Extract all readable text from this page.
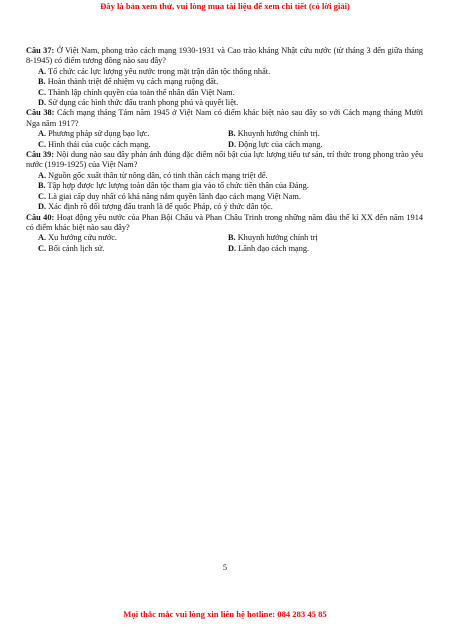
Đây là bản xem thử, vui lòng mua tài liệu để xem chi tiết (có lời giải)

Câu 37: Ở Việt Nam, phong trào cách mạng 1930-1931 và Cao trào kháng Nhật cứu nước (từ tháng 3 đến giữa tháng 8-1945) có điểm tương đồng nào sau đây?

A. Tổ chức các lực lượng yêu nước trong mặt trận dân tộc thống nhất.

B. Hoàn thành triệt để nhiệm vụ cách mạng ruộng đất.

C. Thành lập chính quyền của toàn thể nhân dân Việt Nam.

D. Sử dụng các hình thức đấu tranh phong phú và quyết liệt.

Câu 38: Cách mạng tháng Tám năm 1945 ở Việt Nam có điểm khác biệt nào sau đây so với Cách mạng tháng Mười Nga năm 1917?

A. Phương pháp sử dụng bạo lực.	B. Khuynh hướng chính trị.
C. Hình thái của cuộc cách mạng.	D. Động lực của cách mạng.

Câu 39: Nội dung nào sau đây phản ánh đúng đặc điểm nổi bật của lực lượng tiểu tư sản, trí thức trong phong trào yêu nước (1919-1925) của Việt Nam?

A. Nguồn gốc xuất thân từ nông dân, có tinh thần cách mạng triệt để.

B. Tập hợp được lực lượng toàn dân tộc tham gia vào tổ chức tiền thân của Đảng.

C. Là giai cấp duy nhất có khả năng nắm quyền lãnh đạo cách mạng Việt Nam.

D. Xác định rõ đối tượng đấu tranh là đế quốc Pháp, có ý thức dân tộc.

Câu 40: Hoạt động yêu nước của Phan Bội Châu và Phan Châu Trinh trong những năm đầu thế kỉ XX đến năm 1914 có điểm khác biệt nào sau đây?

A. Xu hướng cứu nước.	B. Khuynh hướng chính trị
C. Bối cảnh lịch sử.	D. Lãnh đạo cách mạng.
5
Mọi thắc mắc vui lòng xin liên hệ hotline: 084 283 45 85
